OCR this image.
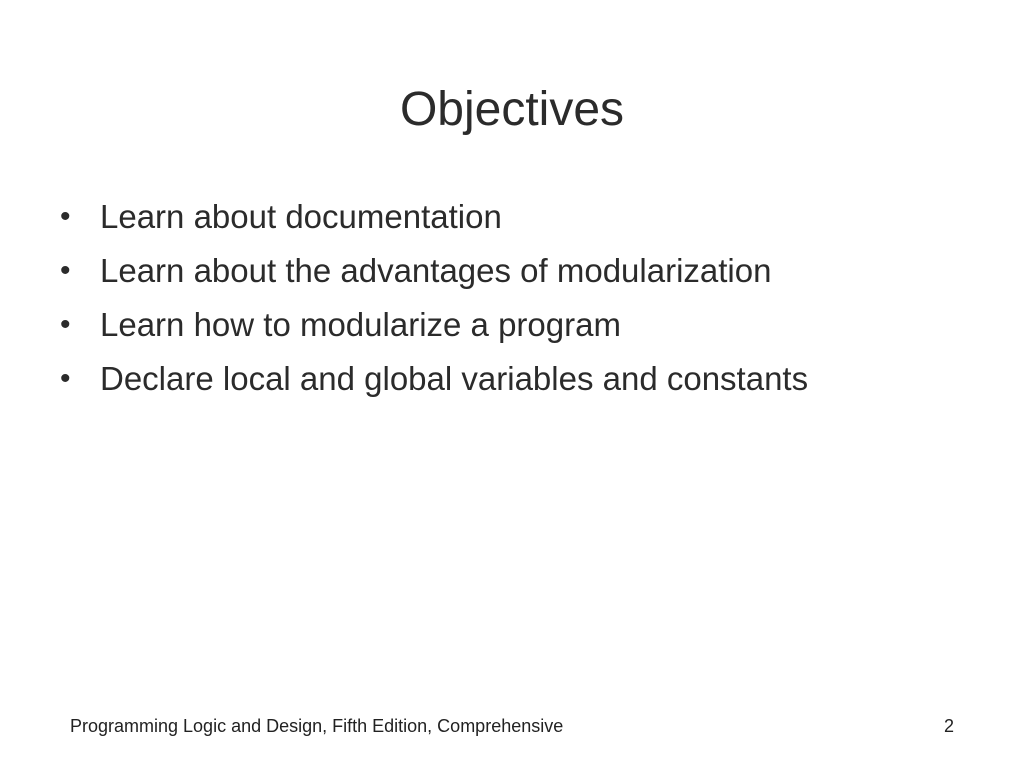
Objectives
• Learn about documentation
• Learn about the advantages of modularization
• Learn how to modularize a program
• Declare local and global variables and constants
Programming Logic and Design, Fifth Edition, Comprehensive	2
